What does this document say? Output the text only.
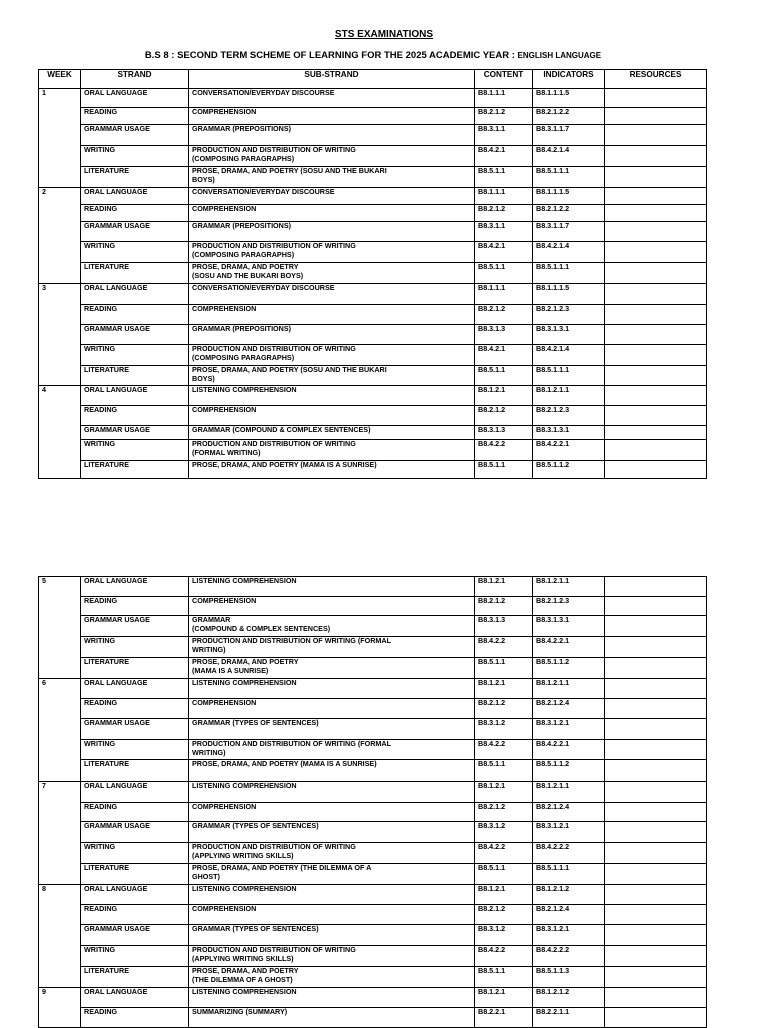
STS EXAMINATIONS
B.S 8 : SECOND TERM SCHEME OF LEARNING FOR THE 2025 ACADEMIC YEAR : ENGLISH LANGUAGE
WEEK	STRAND	SUB-STRAND	CONTENT	INDICATORS	RESOURCES
1	ORAL LANGUAGE	CONVERSATION/EVERYDAY DISCOURSE	B8.1.1.1	B8.1.1.1.5	
	READING	COMPREHENSION	B8.2.1.2	B8.2.1.2.2	
	GRAMMAR USAGE	GRAMMAR (PREPOSITIONS)	B8.3.1.1	B8.3.1.1.7	
	WRITING	PRODUCTION AND DISTRIBUTION OF WRITING
(COMPOSING PARAGRAPHS)	B8.4.2.1	B8.4.2.1.4	
	LITERATURE	PROSE, DRAMA, AND POETRY (SOSU AND THE BUKARI
BOYS)	B8.5.1.1	B8.5.1.1.1	
2	ORAL LANGUAGE	CONVERSATION/EVERYDAY DISCOURSE	B8.1.1.1	B8.1.1.1.5	
	READING	COMPREHENSION	B8.2.1.2	B8.2.1.2.2	
	GRAMMAR USAGE	GRAMMAR (PREPOSITIONS)	B8.3.1.1	B8.3.1.1.7	
	WRITING	PRODUCTION AND DISTRIBUTION OF WRITING
(COMPOSING PARAGRAPHS)	B8.4.2.1	B8.4.2.1.4	
	LITERATURE	PROSE, DRAMA, AND POETRY
(SOSU AND THE BUKARI BOYS)	B8.5.1.1	B8.5.1.1.1	
3	ORAL LANGUAGE	CONVERSATION/EVERYDAY DISCOURSE	B8.1.1.1	B8.1.1.1.5	
	READING	COMPREHENSION	B8.2.1.2	B8.2.1.2.3	
	GRAMMAR USAGE	GRAMMAR (PREPOSITIONS)	B8.3.1.3	B8.3.1.3.1	
	WRITING	PRODUCTION AND DISTRIBUTION OF WRITING
(COMPOSING PARAGRAPHS)	B8.4.2.1	B8.4.2.1.4	
	LITERATURE	PROSE, DRAMA, AND POETRY (SOSU AND THE BUKARI
BOYS)	B8.5.1.1	B8.5.1.1.1	
4	ORAL LANGUAGE	LISTENING COMPREHENSION	B8.1.2.1	B8.1.2.1.1	
	READING	COMPREHENSION	B8.2.1.2	B8.2.1.2.3	
	GRAMMAR USAGE	GRAMMAR (COMPOUND & COMPLEX SENTENCES)	B8.3.1.3	B8.3.1.3.1	
	WRITING	PRODUCTION AND DISTRIBUTION OF WRITING
(FORMAL WRITING)	B8.4.2.2	B8.4.2.2.1	
	LITERATURE	PROSE, DRAMA, AND POETRY (MAMA IS A SUNRISE)	B8.5.1.1	B8.5.1.1.2	
5	ORAL LANGUAGE	LISTENING COMPREHENSION	B8.1.2.1	B8.1.2.1.1	
	READING	COMPREHENSION	B8.2.1.2	B8.2.1.2.3	
	GRAMMAR USAGE	GRAMMAR
(COMPOUND & COMPLEX SENTENCES)	B8.3.1.3	B8.3.1.3.1	
	WRITING	PRODUCTION AND DISTRIBUTION OF WRITING (FORMAL
WRITING)	B8.4.2.2	B8.4.2.2.1	
	LITERATURE	PROSE, DRAMA, AND POETRY
(MAMA IS A SUNRISE)	B8.5.1.1	B8.5.1.1.2	
6	ORAL LANGUAGE	LISTENING COMPREHENSION	B8.1.2.1	B8.1.2.1.1	
	READING	COMPREHENSION	B8.2.1.2	B8.2.1.2.4	
	GRAMMAR USAGE	GRAMMAR (TYPES OF SENTENCES)	B8.3.1.2	B8.3.1.2.1	
	WRITING	PRODUCTION AND DISTRIBUTION OF WRITING (FORMAL
WRITING)	B8.4.2.2	B8.4.2.2.1	
	LITERATURE	PROSE, DRAMA, AND POETRY (MAMA IS A SUNRISE)	B8.5.1.1	B8.5.1.1.2	
7	ORAL LANGUAGE	LISTENING COMPREHENSION	B8.1.2.1	B8.1.2.1.1	
	READING	COMPREHENSION	B8.2.1.2	B8.2.1.2.4	
	GRAMMAR USAGE	GRAMMAR (TYPES OF SENTENCES)	B8.3.1.2	B8.3.1.2.1	
	WRITING	PRODUCTION AND DISTRIBUTION OF WRITING
(APPLYING WRITING SKILLS)	B8.4.2.2	B8.4.2.2.2	
	LITERATURE	PROSE, DRAMA, AND POETRY (THE DILEMMA OF A
GHOST)	B8.5.1.1	B8.5.1.1.1	
8	ORAL LANGUAGE	LISTENING COMPREHENSION	B8.1.2.1	B8.1.2.1.2	
	READING	COMPREHENSION	B8.2.1.2	B8.2.1.2.4	
	GRAMMAR USAGE	GRAMMAR (TYPES OF SENTENCES)	B8.3.1.2	B8.3.1.2.1	
	WRITING	PRODUCTION AND DISTRIBUTION OF WRITING
(APPLYING WRITING SKILLS)	B8.4.2.2	B8.4.2.2.2	
	LITERATURE	PROSE, DRAMA, AND POETRY
(THE DILEMMA OF A GHOST)	B8.5.1.1	B8.5.1.1.3	
9	ORAL LANGUAGE	LISTENING COMPREHENSION	B8.1.2.1	B8.1.2.1.2	
	READING	SUMMARIZING (SUMMARY)	B8.2.2.1	B8.2.2.1.1	
